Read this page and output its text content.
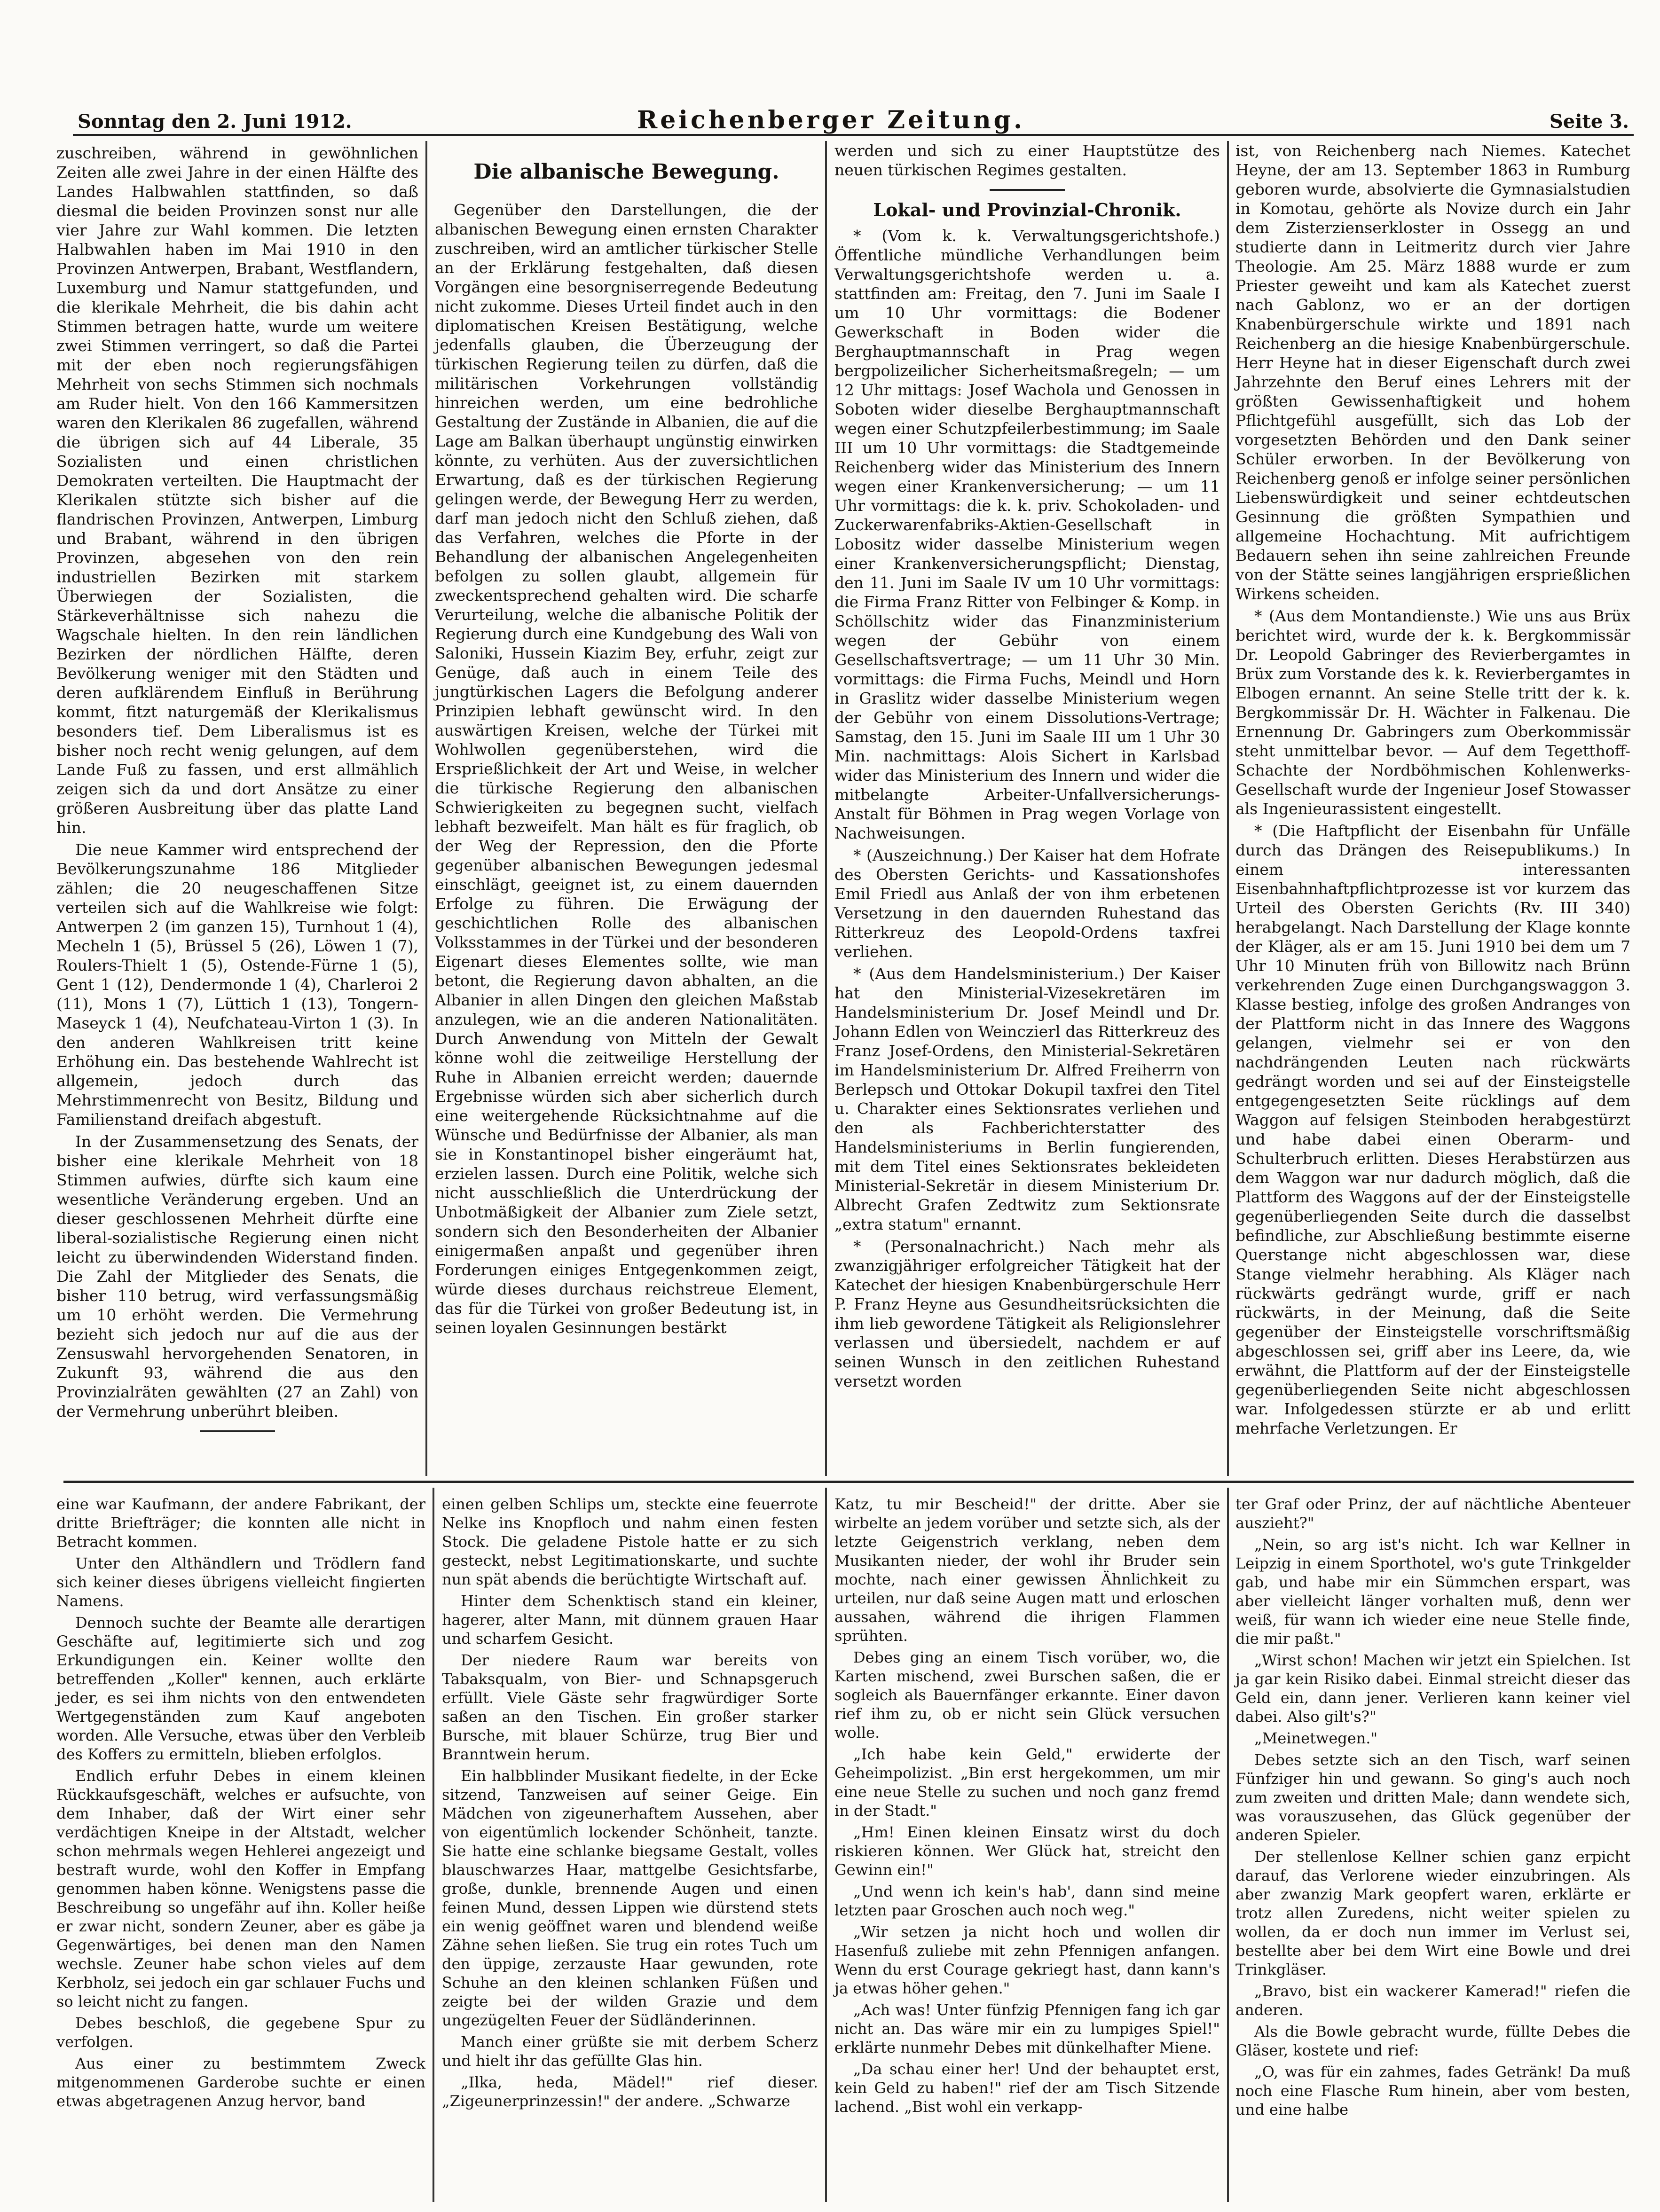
Sonntag den 2. Juni 1912.	Reichenberger Zeitung.	Seite 3.

zuschreiben, während in gewöhnlichen Zeiten alle zwei Jahre in der einen Hälfte des Landes Halbwahlen stattfinden, so daß diesmal die beiden Provinzen sonst nur alle vier Jahre zur Wahl kommen. Die letzten Halbwahlen haben im Mai 1910 in den Provinzen Antwerpen, Brabant, Westflandern, Luxemburg und Namur stattgefunden, und die klerikale Mehrheit, die bis dahin acht Stimmen betragen hatte, wurde um weitere zwei Stimmen verringert, so daß die Partei mit der eben noch regierungsfähigen Mehrheit von sechs Stimmen sich nochmals am Ruder hielt. Von den 166 Kammersitzen waren den Klerikalen 86 zugefallen, während die übrigen sich auf 44 Liberale, 35 Sozialisten und einen christlichen Demokraten verteilten. Die Hauptmacht der Klerikalen stützte sich bisher auf die flandrischen Provinzen, Antwerpen, Limburg und Brabant, während in den übrigen Provinzen, abgesehen von den rein industriellen Bezirken mit starkem Überwiegen der Sozialisten, die Stärkeverhältnisse sich nahezu die Wagschale hielten. In den rein ländlichen Bezirken der nördlichen Hälfte, deren Bevölkerung weniger mit den Städten und deren aufklärendem Einfluß in Berührung kommt, fitzt naturgemäß der Klerikalismus besonders tief. Dem Liberalismus ist es bisher noch recht wenig gelungen, auf dem Lande Fuß zu fassen, und erst allmählich zeigen sich da und dort Ansätze zu einer größeren Ausbreitung über das platte Land hin.

Die neue Kammer wird entsprechend der Bevölkerungszunahme 186 Mitglieder zählen; die 20 neugeschaffenen Sitze verteilen sich auf die Wahlkreise wie folgt: Antwerpen 2 (im ganzen 15), Turnhout 1 (4), Mecheln 1 (5), Brüssel 5 (26), Löwen 1 (7), Roulers-Thielt 1 (5), Ostende-Fürne 1 (5), Gent 1 (12), Dendermonde 1 (4), Charleroi 2 (11), Mons 1 (7), Lüttich 1 (13), Tongern-Maseyck 1 (4), Neufchateau-Virton 1 (3). In den anderen Wahlkreisen tritt keine Erhöhung ein. Das bestehende Wahlrecht ist allgemein, jedoch durch das Mehrstimmenrecht von Besitz, Bildung und Familienstand dreifach abgestuft.

In der Zusammensetzung des Senats, der bisher eine klerikale Mehrheit von 18 Stimmen aufwies, dürfte sich kaum eine wesentliche Veränderung ergeben. Und an dieser geschlossenen Mehrheit dürfte eine liberal-sozialistische Regierung einen nicht leicht zu überwindenden Widerstand finden. Die Zahl der Mitglieder des Senats, die bisher 110 betrug, wird verfassungsmäßig um 10 erhöht werden. Die Vermehrung bezieht sich jedoch nur auf die aus der Zensuswahl hervorgehenden Senatoren, in Zukunft 93, während die aus den Provinzialräten gewählten (27 an Zahl) von der Vermehrung unberührt bleiben.

Die albanische Bewegung.

Gegenüber den Darstellungen, die der albanischen Bewegung einen ernsten Charakter zuschreiben, wird an amtlicher türkischer Stelle an der Erklärung festgehalten, daß diesen Vorgängen eine besorgniserregende Bedeutung nicht zukomme. Dieses Urteil findet auch in den diplomatischen Kreisen Bestätigung, welche jedenfalls glauben, die Überzeugung der türkischen Regierung teilen zu dürfen, daß die militärischen Vorkehrungen vollständig hinreichen werden, um eine bedrohliche Gestaltung der Zustände in Albanien, die auf die Lage am Balkan überhaupt ungünstig einwirken könnte, zu verhüten. Aus der zuversichtlichen Erwartung, daß es der türkischen Regierung gelingen werde, der Bewegung Herr zu werden, darf man jedoch nicht den Schluß ziehen, daß das Verfahren, welches die Pforte in der Behandlung der albanischen Angelegenheiten befolgen zu sollen glaubt, allgemein für zweckentsprechend gehalten wird. Die scharfe Verurteilung, welche die albanische Politik der Regierung durch eine Kundgebung des Wali von Saloniki, Hussein Kiazim Bey, erfuhr, zeigt zur Genüge, daß auch in einem Teile des jungtürkischen Lagers die Befolgung anderer Prinzipien lebhaft gewünscht wird. In den auswärtigen Kreisen, welche der Türkei mit Wohlwollen gegenüberstehen, wird die Ersprießlichkeit der Art und Weise, in welcher die türkische Regierung den albanischen Schwierigkeiten zu begegnen sucht, vielfach lebhaft bezweifelt. Man hält es für fraglich, ob der Weg der Repression, den die Pforte gegenüber albanischen Bewegungen jedesmal einschlägt, geeignet ist, zu einem dauernden Erfolge zu führen. Die Erwägung der geschichtlichen Rolle des albanischen Volksstammes in der Türkei und der besonderen Eigenart dieses Elementes sollte, wie man betont, die Regierung davon abhalten, an die Albanier in allen Dingen den gleichen Maßstab anzulegen, wie an die anderen Nationalitäten. Durch Anwendung von Mitteln der Gewalt könne wohl die zeitweilige Herstellung der Ruhe in Albanien erreicht werden; dauernde Ergebnisse würden sich aber sicherlich durch eine weitergehende Rücksichtnahme auf die Wünsche und Bedürfnisse der Albanier, als man sie in Konstantinopel bisher eingeräumt hat, erzielen lassen. Durch eine Politik, welche sich nicht ausschließlich die Unterdrückung der Unbotmäßigkeit der Albanier zum Ziele setzt, sondern sich den Besonderheiten der Albanier einigermaßen anpaßt und gegenüber ihren Forderungen einiges Entgegenkommen zeigt, würde dieses durchaus reichstreue Element, das für die Türkei von großer Bedeutung ist, in seinen loyalen Gesinnungen bestärkt

werden und sich zu einer Hauptstütze des neuen türkischen Regimes gestalten.

Lokal- und Provinzial-Chronik.

* (Vom k. k. Verwaltungsgerichtshofe.) Öffentliche mündliche Verhandlungen beim Verwaltungsgerichtshofe werden u. a. stattfinden am: Freitag, den 7. Juni im Saale I um 10 Uhr vormittags: die Bodener Gewerkschaft in Boden wider die Berghauptmannschaft in Prag wegen bergpolizeilicher Sicherheitsmaßregeln; — um 12 Uhr mittags: Josef Wachola und Genossen in Soboten wider dieselbe Berghauptmannschaft wegen einer Schutzpfeilerbestimmung; im Saale III um 10 Uhr vormittags: die Stadtgemeinde Reichenberg wider das Ministerium des Innern wegen einer Krankenversicherung; — um 11 Uhr vormittags: die k. k. priv. Schokoladen- und Zuckerwarenfabriks-Aktien-Gesellschaft in Lobositz wider dasselbe Ministerium wegen einer Krankenversicherungspflicht; Dienstag, den 11. Juni im Saale IV um 10 Uhr vormittags: die Firma Franz Ritter von Felbinger & Komp. in Schöllschitz wider das Finanzministerium wegen der Gebühr von einem Gesellschaftsvertrage; — um 11 Uhr 30 Min. vormittags: die Firma Fuchs, Meindl und Horn in Graslitz wider dasselbe Ministerium wegen der Gebühr von einem Dissolutions-Vertrage; Samstag, den 15. Juni im Saale III um 1 Uhr 30 Min. nachmittags: Alois Sichert in Karlsbad wider das Ministerium des Innern und wider die mitbelangte Arbeiter-Unfallversicherungs-Anstalt für Böhmen in Prag wegen Vorlage von Nachweisungen.

* (Auszeichnung.) Der Kaiser hat dem Hofrate des Obersten Gerichts- und Kassationshofes Emil Friedl aus Anlaß der von ihm erbetenen Versetzung in den dauernden Ruhestand das Ritterkreuz des Leopold-Ordens taxfrei verliehen.

* (Aus dem Handelsministerium.) Der Kaiser hat den Ministerial-Vizesekretären im Handelsministerium Dr. Josef Meindl und Dr. Johann Edlen von Weinczierl das Ritterkreuz des Franz Josef-Ordens, den Ministerial-Sekretären im Handelsministerium Dr. Alfred Freiherrn von Berlepsch und Ottokar Dokupil taxfrei den Titel u. Charakter eines Sektionsrates verliehen und den als Fachberichterstatter des Handelsministeriums in Berlin fungierenden, mit dem Titel eines Sektionsrates bekleideten Ministerial-Sekretär in diesem Ministerium Dr. Albrecht Grafen Zedtwitz zum Sektionsrate „extra statum" ernannt.

* (Personalnachricht.) Nach mehr als zwanzigjähriger erfolgreicher Tätigkeit hat der Katechet der hiesigen Knabenbürgerschule Herr P. Franz Heyne aus Gesundheitsrücksichten die ihm lieb gewordene Tätigkeit als Religionslehrer verlassen und übersiedelt, nachdem er auf seinen Wunsch in den zeitlichen Ruhestand versetzt worden

ist, von Reichenberg nach Niemes. Katechet Heyne, der am 13. September 1863 in Rumburg geboren wurde, absolvierte die Gymnasialstudien in Komotau, gehörte als Novize durch ein Jahr dem Zisterzienserkloster in Ossegg an und studierte dann in Leitmeritz durch vier Jahre Theologie. Am 25. März 1888 wurde er zum Priester geweiht und kam als Katechet zuerst nach Gablonz, wo er an der dortigen Knabenbürgerschule wirkte und 1891 nach Reichenberg an die hiesige Knabenbürgerschule. Herr Heyne hat in dieser Eigenschaft durch zwei Jahrzehnte den Beruf eines Lehrers mit der größten Gewissenhaftigkeit und hohem Pflichtgefühl ausgefüllt, sich das Lob der vorgesetzten Behörden und den Dank seiner Schüler erworben. In der Bevölkerung von Reichenberg genoß er infolge seiner persönlichen Liebenswürdigkeit und seiner echtdeutschen Gesinnung die größten Sympathien und allgemeine Hochachtung. Mit aufrichtigem Bedauern sehen ihn seine zahlreichen Freunde von der Stätte seines langjährigen ersprießlichen Wirkens scheiden.

* (Aus dem Montandienste.) Wie uns aus Brüx berichtet wird, wurde der k. k. Bergkommissär Dr. Leopold Gabringer des Revierbergamtes in Brüx zum Vorstande des k. k. Revierbergamtes in Elbogen ernannt. An seine Stelle tritt der k. k. Bergkommissär Dr. H. Wächter in Falkenau. Die Ernennung Dr. Gabringers zum Oberkommissär steht unmittelbar bevor. — Auf dem Tegetthoff-Schachte der Nordböhmischen Kohlenwerks-Gesellschaft wurde der Ingenieur Josef Stowasser als Ingenieurassistent eingestellt.

* (Die Haftpflicht der Eisenbahn für Unfälle durch das Drängen des Reisepublikums.) In einem interessanten Eisenbahnhaftpflichtprozesse ist vor kurzem das Urteil des Obersten Gerichts (Rv. III 340) herabgelangt. Nach Darstellung der Klage konnte der Kläger, als er am 15. Juni 1910 bei dem um 7 Uhr 10 Minuten früh von Billowitz nach Brünn verkehrenden Zuge einen Durchgangswaggon 3. Klasse bestieg, infolge des großen Andranges von der Plattform nicht in das Innere des Waggons gelangen, vielmehr sei er von den nachdrängenden Leuten nach rückwärts gedrängt worden und sei auf der Einsteigstelle entgegengesetzten Seite rücklings auf dem Waggon auf felsigen Steinboden herabgestürzt und habe dabei einen Oberarm- und Schulterbruch erlitten. Dieses Herabstürzen aus dem Waggon war nur dadurch möglich, daß die Plattform des Waggons auf der der Einsteigstelle gegenüberliegenden Seite durch die dasselbst befindliche, zur Abschließung bestimmte eiserne Querstange nicht abgeschlossen war, diese Stange vielmehr herabhing. Als Kläger nach rückwärts gedrängt wurde, griff er nach rückwärts, in der Meinung, daß die Seite gegenüber der Einsteigstelle vorschriftsmäßig abgeschlossen sei, griff aber ins Leere, da, wie erwähnt, die Plattform auf der der Einsteigstelle gegenüberliegenden Seite nicht abgeschlossen war. Infolgedessen stürzte er ab und erlitt mehrfache Verletzungen. Er

eine war Kaufmann, der andere Fabrikant, der dritte Briefträger; die konnten alle nicht in Betracht kommen.

Unter den Althändlern und Trödlern fand sich keiner dieses übrigens vielleicht fingierten Namens.

Dennoch suchte der Beamte alle derartigen Geschäfte auf, legitimierte sich und zog Erkundigungen ein. Keiner wollte den betreffenden „Koller" kennen, auch erklärte jeder, es sei ihm nichts von den entwendeten Wertgegenständen zum Kauf angeboten worden. Alle Versuche, etwas über den Verbleib des Koffers zu ermitteln, blieben erfolglos.

Endlich erfuhr Debes in einem kleinen Rückkaufsgeschäft, welches er aufsuchte, von dem Inhaber, daß der Wirt einer sehr verdächtigen Kneipe in der Altstadt, welcher schon mehrmals wegen Hehlerei angezeigt und bestraft wurde, wohl den Koffer in Empfang genommen haben könne. Wenigstens passe die Beschreibung so ungefähr auf ihn. Koller heiße er zwar nicht, sondern Zeuner, aber es gäbe ja Gegenwärtiges, bei denen man den Namen wechsle. Zeuner habe schon vieles auf dem Kerbholz, sei jedoch ein gar schlauer Fuchs und so leicht nicht zu fangen.

Debes beschloß, die gegebene Spur zu verfolgen.

Aus einer zu bestimmtem Zweck mitgenommenen Garderobe suchte er einen etwas abgetragenen Anzug hervor, band

einen gelben Schlips um, steckte eine feuerrote Nelke ins Knopfloch und nahm einen festen Stock. Die geladene Pistole hatte er zu sich gesteckt, nebst Legitimationskarte, und suchte nun spät abends die berüchtigte Wirtschaft auf.

Hinter dem Schenktisch stand ein kleiner, hagerer, alter Mann, mit dünnem grauen Haar und scharfem Gesicht.

Der niedere Raum war bereits von Tabaksqualm, von Bier- und Schnapsgeruch erfüllt. Viele Gäste sehr fragwürdiger Sorte saßen an den Tischen. Ein großer starker Bursche, mit blauer Schürze, trug Bier und Branntwein herum.

Ein halbblinder Musikant fiedelte, in der Ecke sitzend, Tanzweisen auf seiner Geige. Ein Mädchen von zigeunerhaftem Aussehen, aber von eigentümlich lockender Schönheit, tanzte. Sie hatte eine schlanke biegsame Gestalt, volles blauschwarzes Haar, mattgelbe Gesichtsfarbe, große, dunkle, brennende Augen und einen feinen Mund, dessen Lippen wie dürstend stets ein wenig geöffnet waren und blendend weiße Zähne sehen ließen. Sie trug ein rotes Tuch um den üppige, zerzauste Haar gewunden, rote Schuhe an den kleinen schlanken Füßen und zeigte bei der wilden Grazie und dem ungezügelten Feuer der Südländerinnen.

Manch einer grüßte sie mit derbem Scherz und hielt ihr das gefüllte Glas hin.

„Ilka, heda, Mädel!" rief dieser. „Zigeunerprinzessin!" der andere. „Schwarze

Katz, tu mir Bescheid!" der dritte. Aber sie wirbelte an jedem vorüber und setzte sich, als der letzte Geigenstrich verklang, neben dem Musikanten nieder, der wohl ihr Bruder sein mochte, nach einer gewissen Ähnlichkeit zu urteilen, nur daß seine Augen matt und erloschen aussahen, während die ihrigen Flammen sprühten.

Debes ging an einem Tisch vorüber, wo, die Karten mischend, zwei Burschen saßen, die er sogleich als Bauernfänger erkannte. Einer davon rief ihm zu, ob er nicht sein Glück versuchen wolle.

„Ich habe kein Geld," erwiderte der Geheimpolizist. „Bin erst hergekommen, um mir eine neue Stelle zu suchen und noch ganz fremd in der Stadt."

„Hm! Einen kleinen Einsatz wirst du doch riskieren können. Wer Glück hat, streicht den Gewinn ein!"

„Und wenn ich kein's hab', dann sind meine letzten paar Groschen auch noch weg."

„Wir setzen ja nicht hoch und wollen dir Hasenfuß zuliebe mit zehn Pfennigen anfangen. Wenn du erst Courage gekriegt hast, dann kann's ja etwas höher gehen."

„Ach was! Unter fünfzig Pfennigen fang ich gar nicht an. Das wäre mir ein zu lumpiges Spiel!" erklärte nunmehr Debes mit dünkelhafter Miene.

„Da schau einer her! Und der behauptet erst, kein Geld zu haben!" rief der am Tisch Sitzende lachend. „Bist wohl ein verkapp-

ter Graf oder Prinz, der auf nächtliche Abenteuer auszieht?"

„Nein, so arg ist's nicht. Ich war Kellner in Leipzig in einem Sporthotel, wo's gute Trinkgelder gab, und habe mir ein Sümmchen erspart, was aber vielleicht länger vorhalten muß, denn wer weiß, für wann ich wieder eine neue Stelle finde, die mir paßt."

„Wirst schon! Machen wir jetzt ein Spielchen. Ist ja gar kein Risiko dabei. Einmal streicht dieser das Geld ein, dann jener. Verlieren kann keiner viel dabei. Also gilt's?"

„Meinetwegen."

Debes setzte sich an den Tisch, warf seinen Fünfziger hin und gewann. So ging's auch noch zum zweiten und dritten Male; dann wendete sich, was vorauszusehen, das Glück gegenüber der anderen Spieler.

Der stellenlose Kellner schien ganz erpicht darauf, das Verlorene wieder einzubringen. Als aber zwanzig Mark geopfert waren, erklärte er trotz allen Zuredens, nicht weiter spielen zu wollen, da er doch nun immer im Verlust sei, bestellte aber bei dem Wirt eine Bowle und drei Trinkgläser.

„Bravo, bist ein wackerer Kamerad!" riefen die anderen.

Als die Bowle gebracht wurde, füllte Debes die Gläser, kostete und rief:

„O, was für ein zahmes, fades Getränk! Da muß noch eine Flasche Rum hinein, aber vom besten, und eine halbe
